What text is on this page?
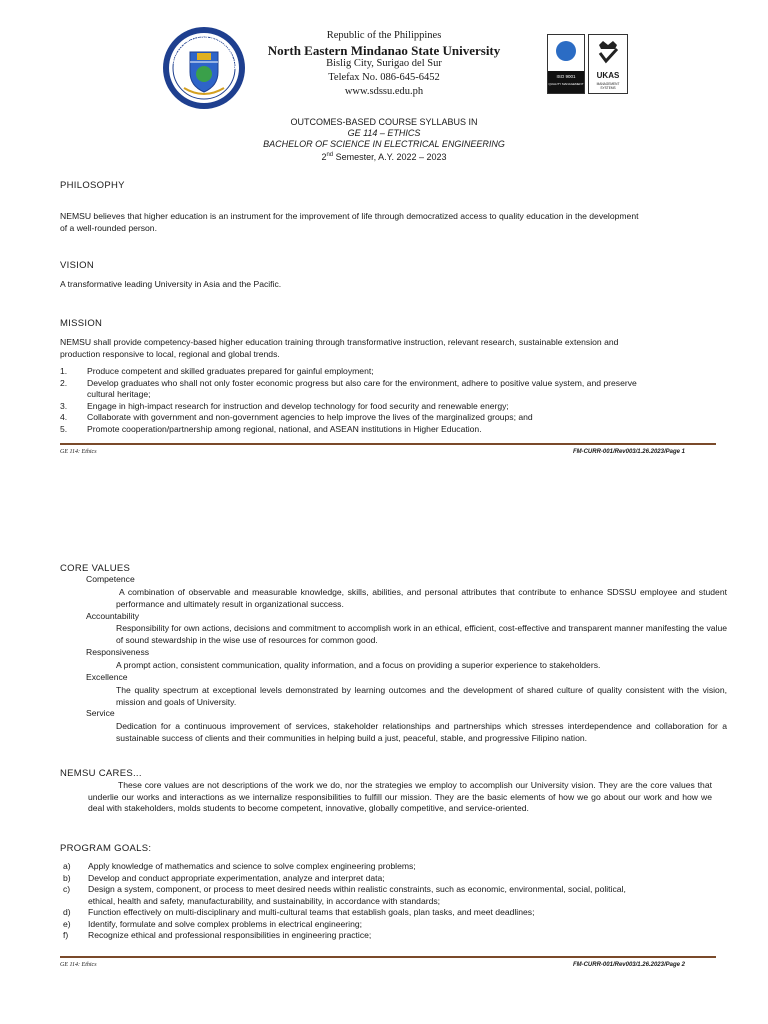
NORTH EASTERN MINDANAO STA
Republic of the Philippines
North Eastern Mindanao State University
Bislig City, Surigao del Sur
Telefax No. 086-645-6452
www.sdssu.edu.ph
ISO 9001
QUALITY MANAGEMENT
UKAS
MANAGEMENT SYSTEMS
OUTCOMES-BASED COURSE SYLLABUS IN
GE 114 – ETHICS
BACHELOR OF SCIENCE IN ELECTRICAL ENGINEERING
2nd Semester, A.Y. 2022 – 2023
PHILOSOPHY
NEMSU believes that higher education is an instrument for the improvement of life through democratized access to quality education in the development
of a well-rounded person.
VISION
A transformative leading University in Asia and the Pacific.
MISSION
NEMSU shall provide competency-based higher education training through transformative instruction, relevant research, sustainable extension and
production responsive to local, regional and global trends.
1. Produce competent and skilled graduates prepared for gainful employment;
2. Develop graduates who shall not only foster economic progress but also care for the environment, adhere to positive value system, and preserve
cultural heritage;
3. Engage in high-impact research for instruction and develop technology for food security and renewable energy;
4. Collaborate with government and non-government agencies to help improve the lives of the marginalized groups; and
5. Promote cooperation/partnership among regional, national, and ASEAN institutions in Higher Education.
GE 114: Ethics	FM-CURR-001/Rev003/1.26.2023/Page 1
CORE VALUES
Competence
A combination of observable and measurable knowledge, skills, abilities, and personal attributes that contribute to enhance SDSSU employee and student performance and ultimately result in organizational success.
Accountability
Responsibility for own actions, decisions and commitment to accomplish work in an ethical, efficient, cost-effective and transparent manner manifesting the value of sound stewardship in the wise use of resources for common good.
Responsiveness
A prompt action, consistent communication, quality information, and a focus on providing a superior experience to stakeholders.
Excellence
The quality spectrum at exceptional levels demonstrated by learning outcomes and the development of shared culture of quality consistent with the vision, mission and goals of University.
Service
Dedication for a continuous improvement of services, stakeholder relationships and partnerships which stresses interdependence and collaboration for a sustainable success of clients and their communities in helping build a just, peaceful, stable, and progressive Filipino nation.
NEMSU CARES...
These core values are not descriptions of the work we do, nor the strategies we employ to accomplish our University vision. They are the core values that underlie our works and interactions as we internalize responsibilities to fulfill our mission. They are the basic elements of how we go about our work and how we deal with stakeholders, molds students to become competent, innovative, globally competitive, and service-oriented.
PROGRAM GOALS:
a) Apply knowledge of mathematics and science to solve complex engineering problems;
b) Develop and conduct appropriate experimentation, analyze and interpret data;
c) Design a system, component, or process to meet desired needs within realistic constraints, such as economic, environmental, social, political,
ethical, health and safety, manufacturability, and sustainability, in accordance with standards;
d) Function effectively on multi-disciplinary and multi-cultural teams that establish goals, plan tasks, and meet deadlines;
e) Identify, formulate and solve complex problems in electrical engineering;
f) Recognize ethical and professional responsibilities in engineering practice;
GE 114: Ethics	FM-CURR-001/Rev003/1.26.2023/Page 2
